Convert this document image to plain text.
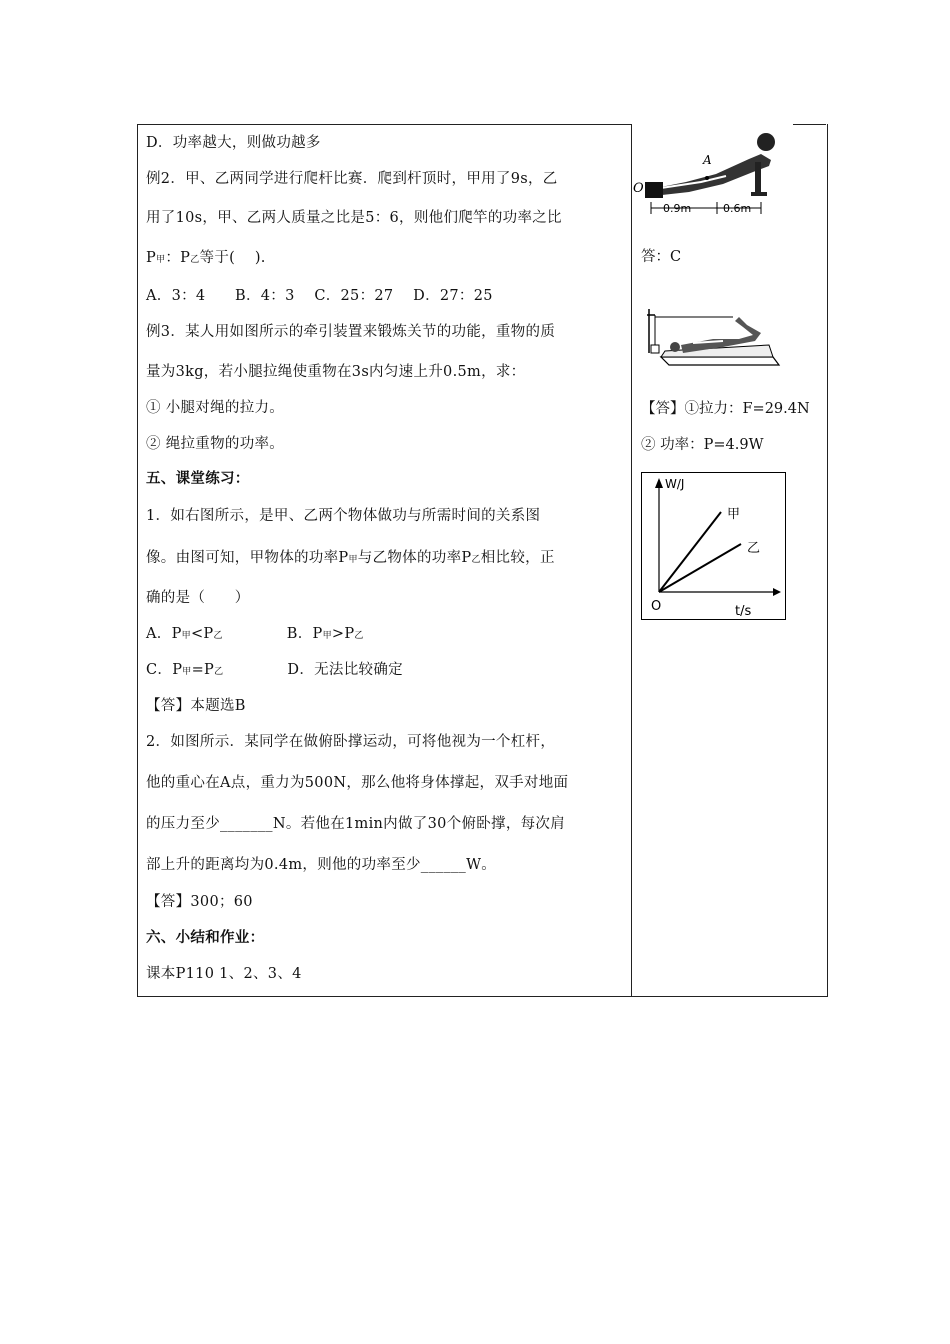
D．功率越大，则做功越多
例2．甲、乙两同学进行爬杆比赛．爬到杆顶时，甲用了9s，乙
用了10s，甲、乙两人质量之比是5：6，则他们爬竿的功率之比
P甲：P乙等于(　 ).
A．3：4　　B．4：3　 C．25：27　 D．27：25
例3．某人用如图所示的牵引装置来锻炼关节的功能，重物的质
量为3kg，若小腿拉绳使重物在3s内匀速上升0.5m，求：
① 小腿对绳的拉力。
② 绳拉重物的功率。
五、课堂练习：
1．如右图所示，是甲、乙两个物体做功与所需时间的关系图
像。由图可知，甲物体的功率P甲与乙物体的功率P乙相比较，正
确的是（　　）
A．P甲<P乙	B．P甲>P乙
C．P甲=P乙	D．无法比较确定
【答】本题选B
2．如图所示．某同学在做俯卧撑运动，可将他视为一个杠杆，
他的重心在A点，重力为500N，那么他将身体撑起，双手对地面
的压力至少_______N。若他在1min内做了30个俯卧撑，每次肩
部上升的距离均为0.4m，则他的功率至少______W。
【答】300；60
六、小结和作业：
课本P110 1、2、3、4
A
O
0.9m	0.6m
答：C
【答】①拉力：F=29.4N
② 功率：P=4.9W
W/J
t/s
O
甲
乙
